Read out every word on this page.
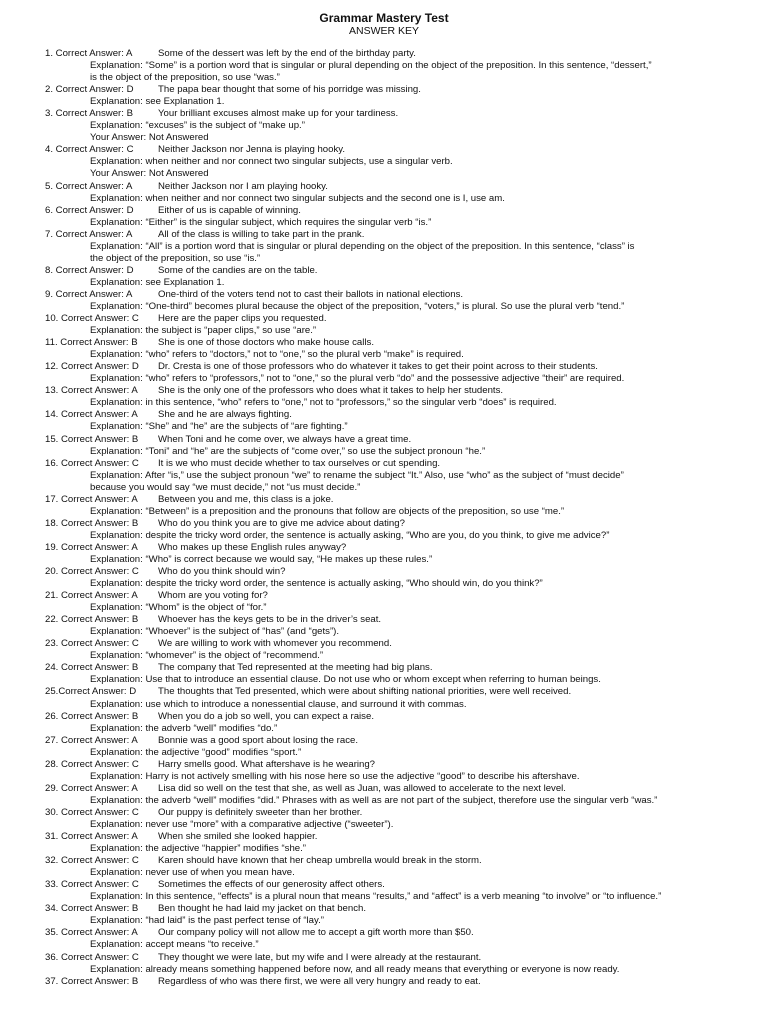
Grammar Mastery Test
ANSWER KEY
1. Correct Answer: A	Some of the dessert was left by the end of the birthday party.
Explanation: “Some” is a portion word that is singular or plural depending on the object of the preposition. In this sentence, “dessert,”
is the object of the preposition, so use “was.”
2. Correct Answer: D	The papa bear thought that some of his porridge was missing.
Explanation: see Explanation 1.
3. Correct Answer: B	Your brilliant excuses almost make up for your tardiness.
Explanation: “excuses” is the subject of “make up.”
Your Answer: Not Answered
4. Correct Answer: C	Neither Jackson nor Jenna is playing hooky.
Explanation: when neither and nor connect two singular subjects, use a singular verb.
Your Answer: Not Answered
5. Correct Answer: A	Neither Jackson nor I am playing hooky.
Explanation: when neither and nor connect two singular subjects and the second one is I, use am.
6. Correct Answer: D	Either of us is capable of winning.
Explanation: “Either” is the singular subject, which requires the singular verb “is.”
7. Correct Answer: A	All of the class is willing to take part in the prank.
Explanation: “All” is a portion word that is singular or plural depending on the object of the preposition. In this sentence, “class” is
the object of the preposition, so use “is.”
8. Correct Answer: D	Some of the candies are on the table.
Explanation: see Explanation 1.
9. Correct Answer: A	One-third of the voters tend not to cast their ballots in national elections.
Explanation: “One-third” becomes plural because the object of the preposition, “voters,” is plural. So use the plural verb “tend.”
10. Correct Answer: C	Here are the paper clips you requested.
Explanation: the subject is “paper clips,” so use “are.”
11. Correct Answer: B	She is one of those doctors who make house calls.
Explanation: “who” refers to “doctors,” not to “one,” so the plural verb “make” is required.
12. Correct Answer: D	Dr. Cresta is one of those professors who do whatever it takes to get their point across to their students.
Explanation: “who” refers to “professors,” not to “one,” so the plural verb “do” and the possessive adjective “their” are required.
13. Correct Answer: A	She is the only one of the professors who does what it takes to help her students.
Explanation: in this sentence, “who” refers to “one,” not to “professors,” so the singular verb “does” is required.
14. Correct Answer: A	She and he are always fighting.
Explanation: “She” and “he” are the subjects of “are fighting.”
15. Correct Answer: B	When Toni and he come over, we always have a great time.
Explanation: “Toni” and “he” are the subjects of “come over,” so use the subject pronoun “he.”
16. Correct Answer: C	It is we who must decide whether to tax ourselves or cut spending.
Explanation: After “is,” use the subject pronoun “we” to rename the subject “It.” Also, use “who” as the subject of “must decide”
because you would say “we must decide,” not “us must decide.”
17. Correct Answer: A	Between you and me, this class is a joke.
Explanation: “Between” is a preposition and the pronouns that follow are objects of the preposition, so use “me.”
18. Correct Answer: B	Who do you think you are to give me advice about dating?
Explanation: despite the tricky word order, the sentence is actually asking, “Who are you, do you think, to give me advice?”
19. Correct Answer: A	Who makes up these English rules anyway?
Explanation: “Who” is correct because we would say, “He makes up these rules.”
20. Correct Answer: C	Who do you think should win?
Explanation: despite the tricky word order, the sentence is actually asking, “Who should win, do you think?”
21. Correct Answer: A	Whom are you voting for?
Explanation: “Whom” is the object of “for.”
22. Correct Answer: B	Whoever has the keys gets to be in the driver’s seat.
Explanation: “Whoever” is the subject of “has” (and “gets”).
23. Correct Answer: C	We are willing to work with whomever you recommend.
Explanation: “whomever” is the object of “recommend.”
24. Correct Answer: B	The company that Ted represented at the meeting had big plans.
Explanation: Use that to introduce an essential clause. Do not use who or whom except when referring to human beings.
25.Correct Answer: D	The thoughts that Ted presented, which were about shifting national priorities, were well received.
Explanation: use which to introduce a nonessential clause, and surround it with commas.
26. Correct Answer: B	When you do a job so well, you can expect a raise.
Explanation: the adverb “well” modifies “do.”
27. Correct Answer: A	Bonnie was a good sport about losing the race.
Explanation: the adjective “good” modifies “sport.”
28. Correct Answer: C	Harry smells good. What aftershave is he wearing?
Explanation: Harry is not actively smelling with his nose here so use the adjective “good” to describe his aftershave.
29. Correct Answer: A	Lisa did so well on the test that she, as well as Juan, was allowed to accelerate to the next level.
Explanation: the adverb “well” modifies “did.” Phrases with as well as are not part of the subject, therefore use the singular verb “was.”
30. Correct Answer: C	Our puppy is definitely sweeter than her brother.
Explanation: never use “more” with a comparative adjective (“sweeter”).
31. Correct Answer: A	When she smiled she looked happier.
Explanation: the adjective “happier” modifies “she.”
32. Correct Answer: C	Karen should have known that her cheap umbrella would break in the storm.
Explanation: never use of when you mean have.
33. Correct Answer: C	Sometimes the effects of our generosity affect others.
Explanation: In this sentence, “effects” is a plural noun that means “results,” and “affect” is a verb meaning “to involve” or “to influence.”
34. Correct Answer: B	Ben thought he had laid my jacket on that bench.
Explanation: “had laid” is the past perfect tense of “lay.”
35. Correct Answer: A	Our company policy will not allow me to accept a gift worth more than $50.
Explanation: accept means “to receive.”
36. Correct Answer: C	They thought we were late, but my wife and I were already at the restaurant.
Explanation: already means something happened before now, and all ready means that everything or everyone is now ready.
37. Correct Answer: B	Regardless of who was there first, we were all very hungry and ready to eat.
